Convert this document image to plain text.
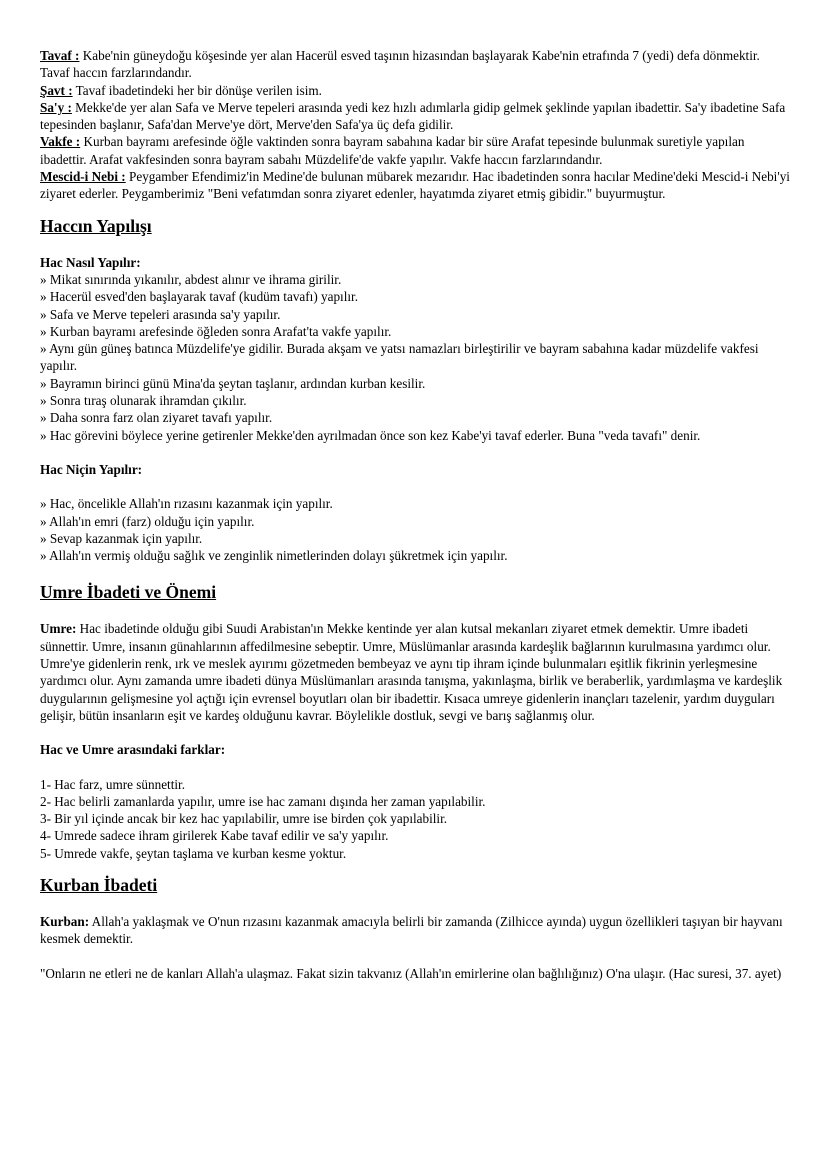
Tavaf : Kabe'nin güneydoğu köşesinde yer alan Hacerül esved taşının hizasından başlayarak Kabe'nin etrafında 7 (yedi) defa dönmektir. Tavaf haccın farzlarındandır.

Şavt : Tavaf ibadetindeki her bir dönüşe verilen isim.

Sa'y : Mekke'de yer alan Safa ve Merve tepeleri arasında yedi kez hızlı adımlarla gidip gelmek şeklinde yapılan ibadettir. Sa'y ibadetine Safa tepesinden başlanır, Safa'dan Merve'ye dört, Merve'den Safa'ya üç defa gidilir.

Vakfe : Kurban bayramı arefesinde öğle vaktinden sonra bayram sabahına kadar bir süre Arafat tepesinde bulunmak suretiyle yapılan ibadettir. Arafat vakfesinden sonra bayram sabahı Müzdelife'de vakfe yapılır. Vakfe haccın farzlarındandır.

Mescid-i Nebi : Peygamber Efendimiz'in Medine'de bulunan mübarek mezarıdır. Hac ibadetinden sonra hacılar Medine'deki Mescid-i Nebi'yi ziyaret ederler. Peygamberimiz "Beni vefatımdan sonra ziyaret edenler, hayatımda ziyaret etmiş gibidir." buyurmuştur.

Haccın Yapılışı
Hac Nasıl Yapılır:
» Mikat sınırında yıkanılır, abdest alınır ve ihrama girilir.
» Hacerül esved'den başlayarak tavaf (kudüm tavafı) yapılır.
» Safa ve Merve tepeleri arasında sa'y yapılır.
» Kurban bayramı arefesinde öğleden sonra Arafat'ta vakfe yapılır.
» Aynı gün güneş batınca Müzdelife'ye gidilir. Burada akşam ve yatsı namazları birleştirilir ve bayram sabahına kadar müzdelife vakfesi yapılır.
» Bayramın birinci günü Mina'da şeytan taşlanır, ardından kurban kesilir.
» Sonra tıraş olunarak ihramdan çıkılır.
» Daha sonra farz olan ziyaret tavafı yapılır.
» Hac görevini böylece yerine getirenler Mekke'den ayrılmadan önce son kez Kabe'yi tavaf ederler. Buna "veda tavafı" denir.
Hac Niçin Yapılır:
» Hac, öncelikle Allah'ın rızasını kazanmak için yapılır.
» Allah'ın emri (farz) olduğu için yapılır.
» Sevap kazanmak için yapılır.
» Allah'ın vermiş olduğu sağlık ve zenginlik nimetlerinden dolayı şükretmek için yapılır.
Umre İbadeti ve Önemi

Umre: Hac ibadetinde olduğu gibi Suudi Arabistan'ın Mekke kentinde yer alan kutsal mekanları ziyaret etmek demektir. Umre ibadeti sünnettir. Umre, insanın günahlarının affedilmesine sebeptir. Umre, Müslümanlar arasında kardeşlik bağlarının kurulmasına yardımcı olur. Umre'ye gidenlerin renk, ırk ve meslek ayırımı gözetmeden bembeyaz ve aynı tip ihram içinde bulunmaları eşitlik fikrinin yerleşmesine yardımcı olur. Aynı zamanda umre ibadeti dünya Müslümanları arasında tanışma, yakınlaşma, birlik ve beraberlik, yardımlaşma ve kardeşlik duygularının gelişmesine yol açtığı için evrensel boyutları olan bir ibadettir. Kısaca umreye gidenlerin inançları tazelenir, yardım duyguları gelişir, bütün insanların eşit ve kardeş olduğunu kavrar. Böylelikle dostluk, sevgi ve barış sağlanmış olur.

Hac ve Umre arasındaki farklar:
1- Hac farz, umre sünnettir.
2- Hac belirli zamanlarda yapılır, umre ise hac zamanı dışında her zaman yapılabilir.
3- Bir yıl içinde ancak bir kez hac yapılabilir, umre ise birden çok yapılabilir.
4- Umrede sadece ihram girilerek Kabe tavaf edilir ve sa'y yapılır.
5- Umrede vakfe, şeytan taşlama ve kurban kesme yoktur.
Kurban İbadeti

Kurban: Allah'a yaklaşmak ve O'nun rızasını kazanmak amacıyla belirli bir zamanda (Zilhicce ayında) uygun özellikleri taşıyan bir hayvanı kesmek demektir.

"Onların ne etleri ne de kanları Allah'a ulaşmaz. Fakat sizin takvanız (Allah'ın emirlerine olan bağlılığınız) O'na ulaşır. (Hac suresi, 37. ayet)
